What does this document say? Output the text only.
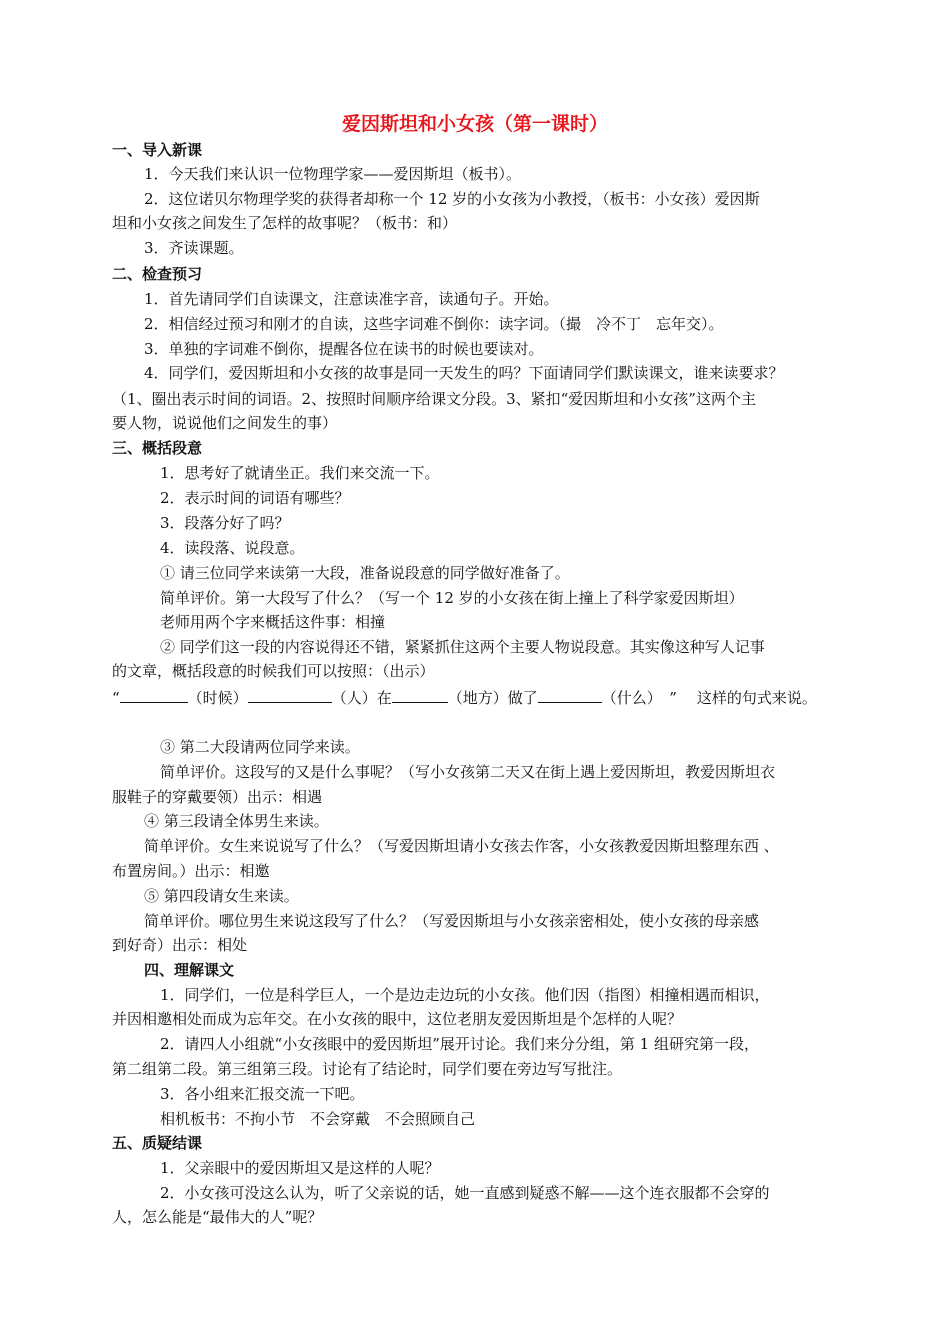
爱因斯坦和小女孩（第一课时）
一、导入新课
1．今天我们来认识一位物理学家——爱因斯坦（板书）。
2．这位诺贝尔物理学奖的获得者却称一个 12 岁的小女孩为小教授，（板书：小女孩）爱因斯
坦和小女孩之间发生了怎样的故事呢？（板书：和）
3．齐读课题。
二、检查预习
1．首先请同学们自读课文，注意读准字音，读通句子。开始。
2．相信经过预习和刚才的自读，这些字词难不倒你：读字词。（撮　冷不丁　忘年交）。
3．单独的字词难不倒你，提醒各位在读书的时候也要读对。
4．同学们，爱因斯坦和小女孩的故事是同一天发生的吗？下面请同学们默读课文，谁来读要求？
（1、圈出表示时间的词语。2、按照时间顺序给课文分段。3、紧扣“爱因斯坦和小女孩”这两个主
要人物，说说他们之间发生的事）
三、概括段意
1．思考好了就请坐正。我们来交流一下。
2．表示时间的词语有哪些？
3．段落分好了吗？
4．读段落、说段意。
① 请三位同学来读第一大段，准备说段意的同学做好准备了。
简单评价。第一大段写了什么？（写一个 12 岁的小女孩在街上撞上了科学家爱因斯坦）
老师用两个字来概括这件事：相撞
② 同学们这一段的内容说得还不错，紧紧抓住这两个主要人物说段意。其实像这种写人记事
的文章，概括段意的时候我们可以按照：（出示）
“	（时候）	（人）在	（地方）做了	（什么）　” 这样的句式来说。
③ 第二大段请两位同学来读。
简单评价。这段写的又是什么事呢？（写小女孩第二天又在街上遇上爱因斯坦，教爱因斯坦衣
服鞋子的穿戴要领）出示：相遇
④ 第三段请全体男生来读。
简单评价。女生来说说写了什么？（写爱因斯坦请小女孩去作客，小女孩教爱因斯坦整理东西 、
布置房间。）出示：相邀
⑤ 第四段请女生来读。
简单评价。哪位男生来说这段写了什么？（写爱因斯坦与小女孩亲密相处，使小女孩的母亲感
到好奇）出示：相处
四、理解课文
1．同学们，一位是科学巨人，一个是边走边玩的小女孩。他们因（指图）相撞相遇而相识，
并因相邀相处而成为忘年交。在小女孩的眼中，这位老朋友爱因斯坦是个怎样的人呢？
2．请四人小组就“小女孩眼中的爱因斯坦”展开讨论。我们来分分组，第 1 组研究第一段，
第二组第二段。第三组第三段。讨论有了结论时，同学们要在旁边写写批注。
3．各小组来汇报交流一下吧。
相机板书：不拘小节　不会穿戴　不会照顾自己
五、质疑结课
1．父亲眼中的爱因斯坦又是这样的人呢？
2．小女孩可没这么认为，听了父亲说的话，她一直感到疑惑不解——这个连衣服都不会穿的
人，怎么能是“最伟大的人”呢？
